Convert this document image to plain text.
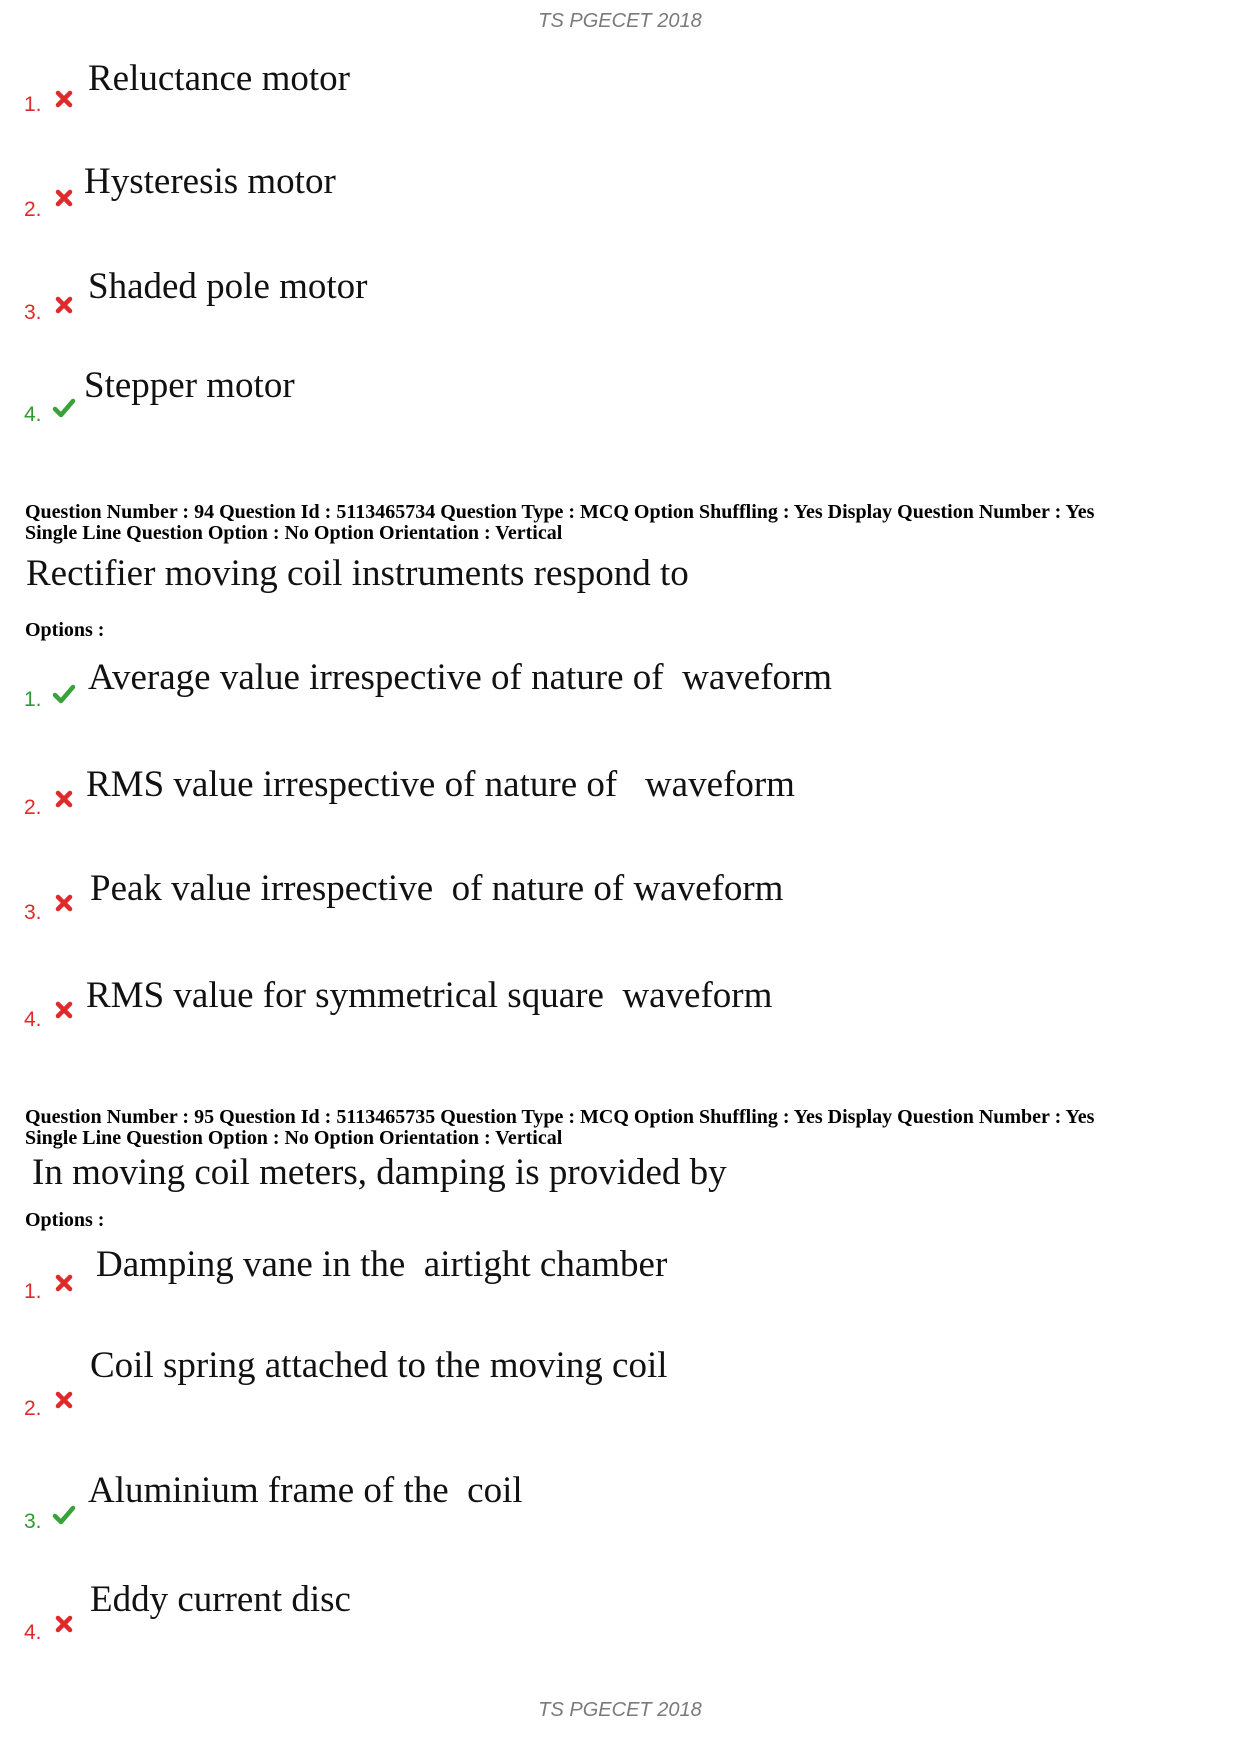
TS PGECET 2018
1.
Reluctance motor
2.
Hysteresis motor
3.
Shaded pole motor
4.
Stepper motor
Question Number : 94 Question Id : 5113465734 Question Type : MCQ Option Shuffling : Yes Display Question Number : Yes
Single Line Question Option : No Option Orientation : Vertical
Rectifier moving coil instruments respond to
Options :
1.
Average value irrespective of nature of  waveform
2.
RMS value irrespective of nature of   waveform
3.
Peak value irrespective  of nature of waveform
4.
RMS value for symmetrical square  waveform
Question Number : 95 Question Id : 5113465735 Question Type : MCQ Option Shuffling : Yes Display Question Number : Yes
Single Line Question Option : No Option Orientation : Vertical
In moving coil meters, damping is provided by
Options :
1.
Damping vane in the  airtight chamber
2.
Coil spring attached to the moving coil
3.
Aluminium frame of the  coil
4.
Eddy current disc
TS PGECET 2018
